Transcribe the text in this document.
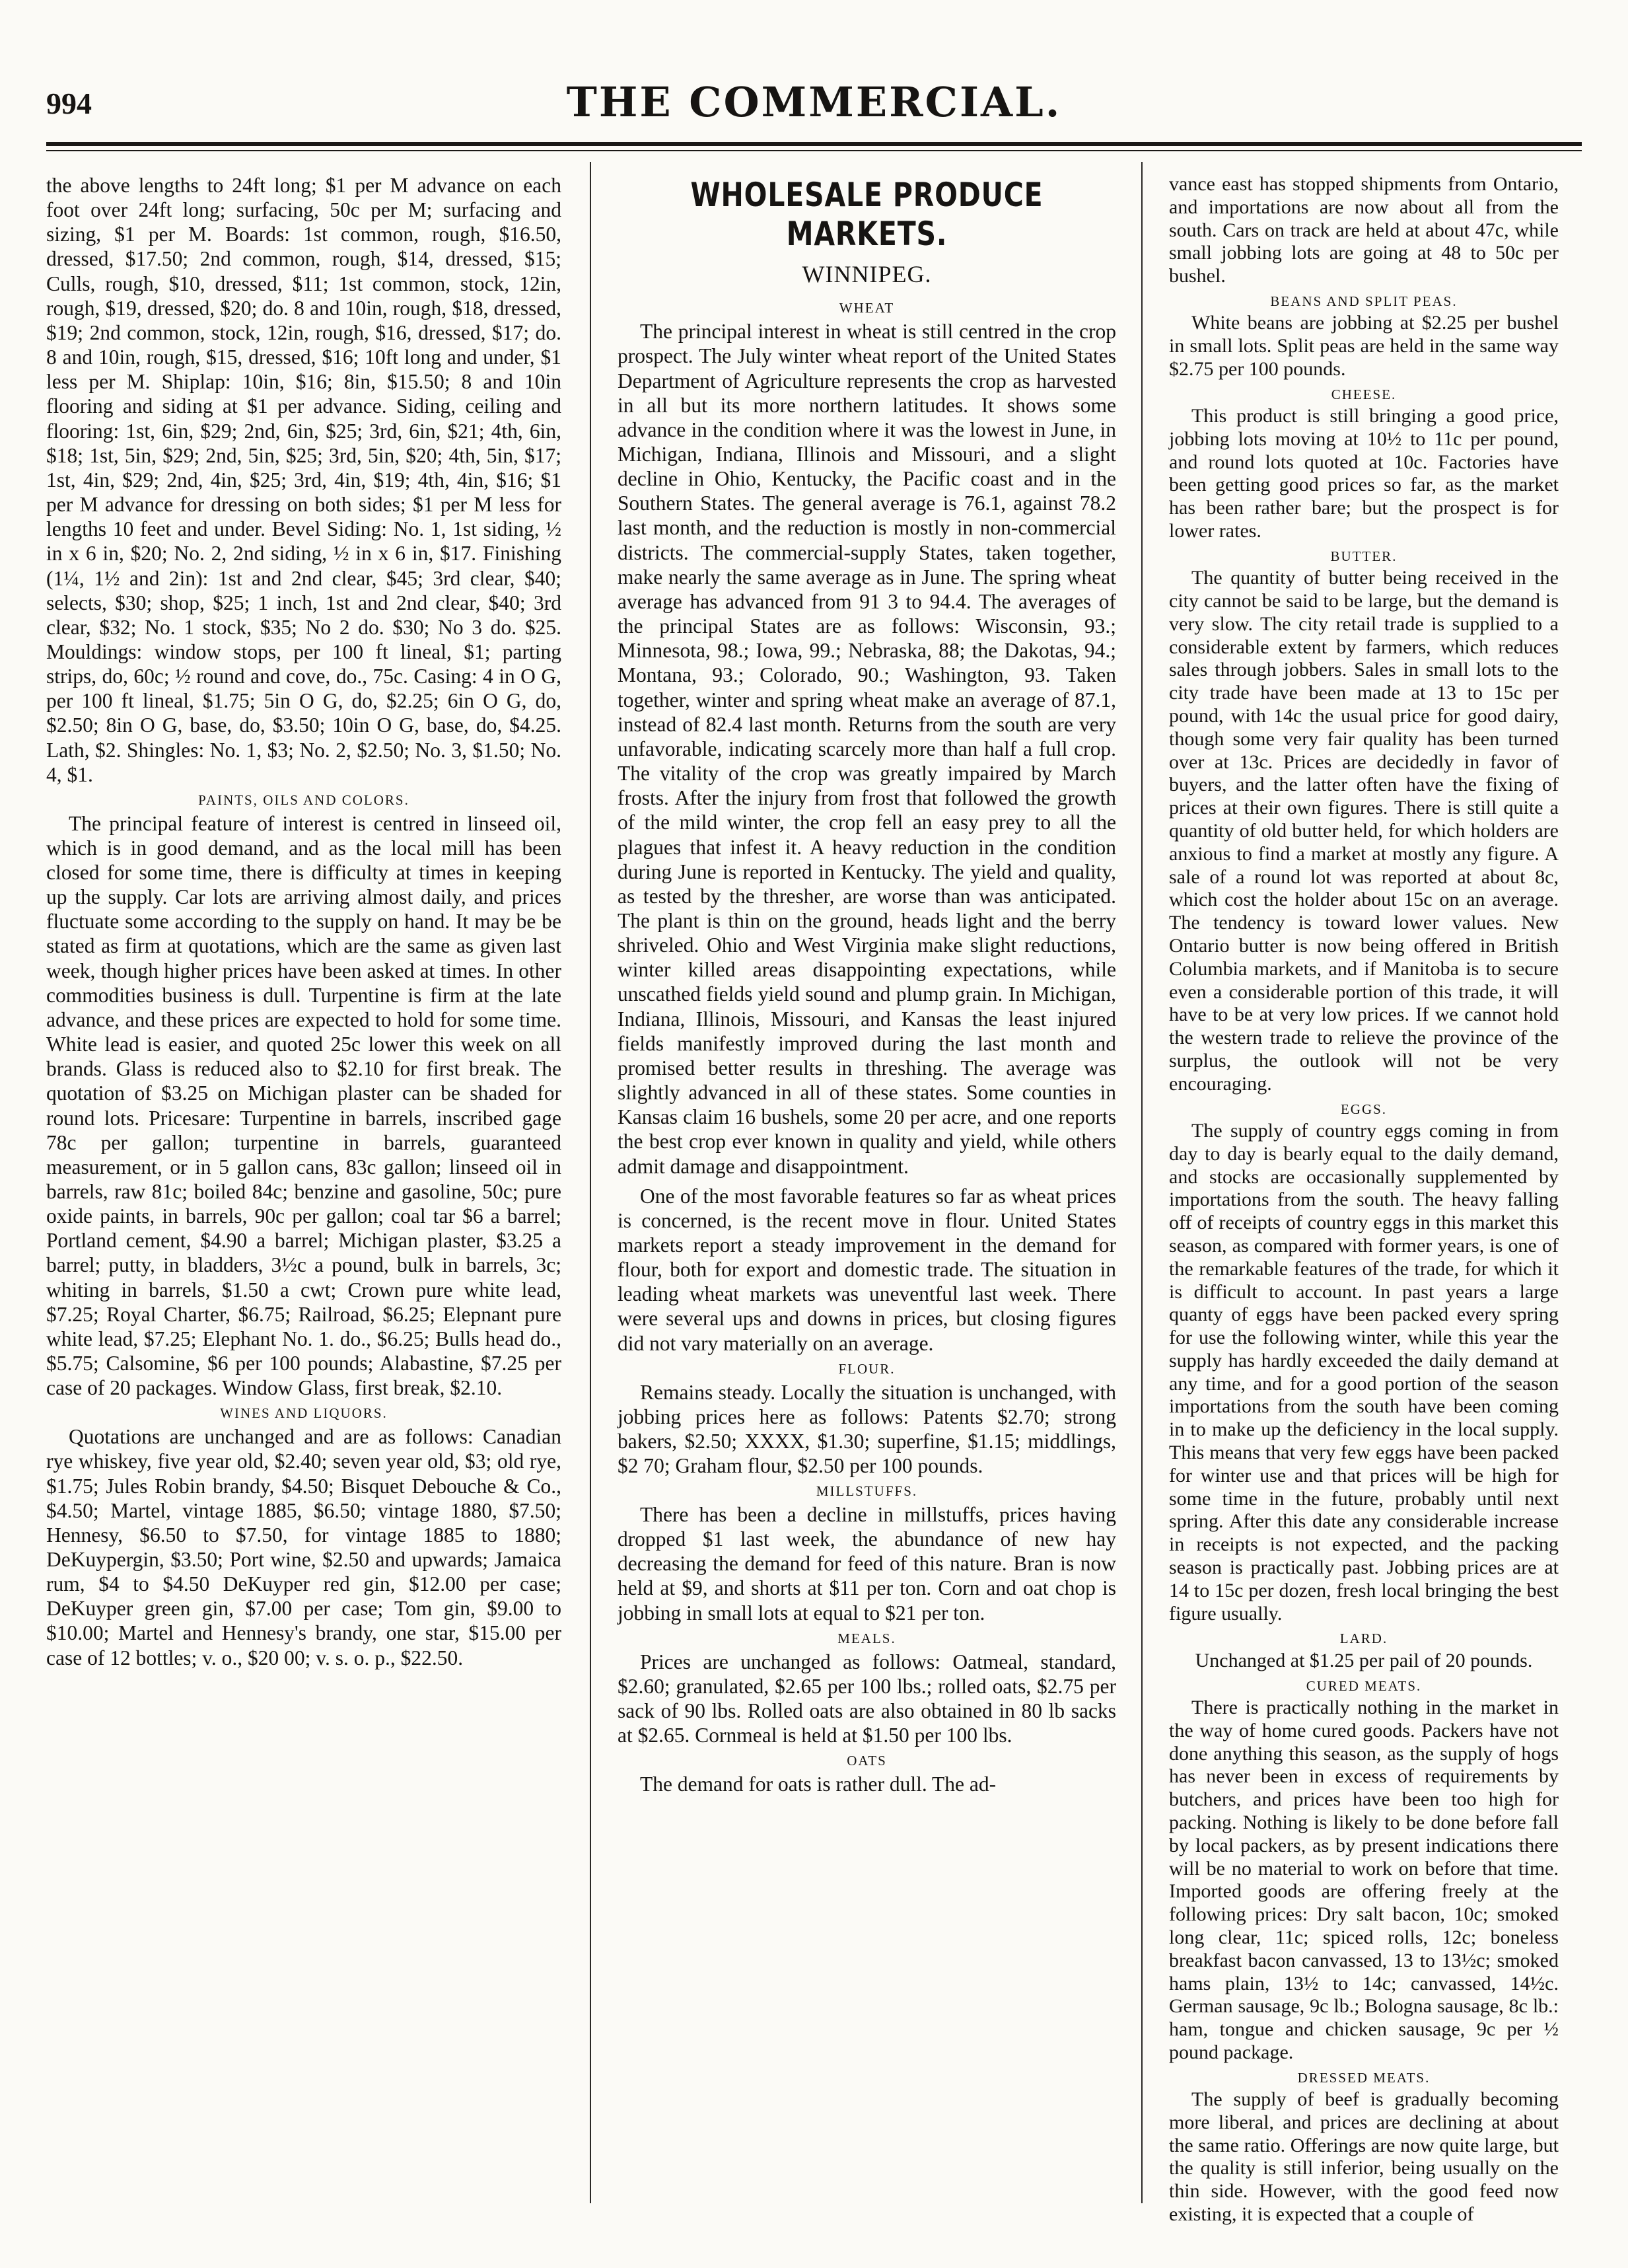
994	THE COMMERCIAL.

the above lengths to 24ft long; $1 per M advance on each foot over 24ft long; surfacing, 50c per M; surfacing and sizing, $1 per M. Boards: 1st common, rough, $16.50, dressed, $17.50; 2nd common, rough, $14, dressed, $15; Culls, rough, $10, dressed, $11; 1st common, stock, 12in, rough, $19, dressed, $20; do. 8 and 10in, rough, $18, dressed, $19; 2nd common, stock, 12in, rough, $16, dressed, $17; do. 8 and 10in, rough, $15, dressed, $16; 10ft long and under, $1 less per M. Shiplap: 10in, $16; 8in, $15.50; 8 and 10in flooring and siding at $1 per advance. Siding, ceiling and flooring: 1st, 6in, $29; 2nd, 6in, $25; 3rd, 6in, $21; 4th, 6in, $18; 1st, 5in, $29; 2nd, 5in, $25; 3rd, 5in, $20; 4th, 5in, $17; 1st, 4in, $29; 2nd, 4in, $25; 3rd, 4in, $19; 4th, 4in, $16; $1 per M advance for dressing on both sides; $1 per M less for lengths 10 feet and under. Bevel Siding: No. 1, 1st siding, ½ in x 6 in, $20; No. 2, 2nd siding, ½ in x 6 in, $17. Finishing (1¼, 1½ and 2in): 1st and 2nd clear, $45; 3rd clear, $40; selects, $30; shop, $25; 1 inch, 1st and 2nd clear, $40; 3rd clear, $32; No. 1 stock, $35; No 2 do. $30; No 3 do. $25. Mouldings: window stops, per 100 ft lineal, $1; parting strips, do, 60c; ½ round and cove, do., 75c. Casing: 4 in O G, per 100 ft lineal, $1.75; 5in O G, do, $2.25; 6in O G, do, $2.50; 8in O G, base, do, $3.50; 10in O G, base, do, $4.25. Lath, $2. Shingles: No. 1, $3; No. 2, $2.50; No. 3, $1.50; No. 4, $1.

PAINTS, OILS AND COLORS.

The principal feature of interest is centred in linseed oil, which is in good demand, and as the local mill has been closed for some time, there is difficulty at times in keeping up the supply. Car lots are arriving almost daily, and prices fluctuate some according to the supply on hand. It may be be stated as firm at quotations, which are the same as given last week, though higher prices have been asked at times. In other commodities business is dull. Turpentine is firm at the late advance, and these prices are expected to hold for some time. White lead is easier, and quoted 25c lower this week on all brands. Glass is reduced also to $2.10 for first break. The quotation of $3.25 on Michigan plaster can be shaded for round lots. Pricesare: Turpentine in barrels, inscribed gage 78c per gallon; turpentine in barrels, guaranteed measurement, or in 5 gallon cans, 83c gallon; linseed oil in barrels, raw 81c; boiled 84c; benzine and gasoline, 50c; pure oxide paints, in barrels, 90c per gallon; coal tar $6 a barrel; Portland cement, $4.90 a barrel; Michigan plaster, $3.25 a barrel; putty, in bladders, 3½c a pound, bulk in barrels, 3c; whiting in barrels, $1.50 a cwt; Crown pure white lead, $7.25; Royal Charter, $6.75; Railroad, $6.25; Elepnant pure white lead, $7.25; Elephant No. 1. do., $6.25; Bulls head do., $5.75; Calsomine, $6 per 100 pounds; Alabastine, $7.25 per case of 20 packages. Window Glass, first break, $2.10.

WINES AND LIQUORS.

Quotations are unchanged and are as follows: Canadian rye whiskey, five year old, $2.40; seven year old, $3; old rye, $1.75; Jules Robin brandy, $4.50; Bisquet Debouche & Co., $4.50; Martel, vintage 1885, $6.50; vintage 1880, $7.50; Hennesy, $6.50 to $7.50, for vintage 1885 to 1880; DeKuypergin, $3.50; Port wine, $2.50 and upwards; Jamaica rum, $4 to $4.50 DeKuyper red gin, $12.00 per case; DeKuyper green gin, $7.00 per case; Tom gin, $9.00 to $10.00; Martel and Hennesy's brandy, one star, $15.00 per case of 12 bottles; v. o., $20 00; v. s. o. p., $22.50.

WHOLESALE PRODUCE MARKETS.
WINNIPEG.
WHEAT

The principal interest in wheat is still centred in the crop prospect. The July winter wheat report of the United States Department of Agriculture represents the crop as harvested in all but its more northern latitudes. It shows some advance in the condition where it was the lowest in June, in Michigan, Indiana, Illinois and Missouri, and a slight decline in Ohio, Kentucky, the Pacific coast and in the Southern States. The general average is 76.1, against 78.2 last month, and the reduction is mostly in non-commercial districts. The commercial-supply States, taken together, make nearly the same average as in June. The spring wheat average has advanced from 91 3 to 94.4. The averages of the principal States are as follows: Wisconsin, 93.; Minnesota, 98.; Iowa, 99.; Nebraska, 88; the Dakotas, 94.; Montana, 93.; Colorado, 90.; Washington, 93. Taken together, winter and spring wheat make an average of 87.1, instead of 82.4 last month. Returns from the south are very unfavorable, indicating scarcely more than half a full crop. The vitality of the crop was greatly impaired by March frosts. After the injury from frost that followed the growth of the mild winter, the crop fell an easy prey to all the plagues that infest it. A heavy reduction in the condition during June is reported in Kentucky. The yield and quality, as tested by the thresher, are worse than was anticipated. The plant is thin on the ground, heads light and the berry shriveled. Ohio and West Virginia make slight reductions, winter killed areas disappointing expectations, while unscathed fields yield sound and plump grain. In Michigan, Indiana, Illinois, Missouri, and Kansas the least injured fields manifestly improved during the last month and promised better results in threshing. The average was slightly advanced in all of these states. Some counties in Kansas claim 16 bushels, some 20 per acre, and one reports the best crop ever known in quality and yield, while others admit damage and disappointment.

One of the most favorable features so far as wheat prices is concerned, is the recent move in flour. United States markets report a steady improvement in the demand for flour, both for export and domestic trade. The situation in leading wheat markets was uneventful last week. There were several ups and downs in prices, but closing figures did not vary materially on an average.

FLOUR.

Remains steady. Locally the situation is unchanged, with jobbing prices here as follows: Patents $2.70; strong bakers, $2.50; XXXX, $1.30; superfine, $1.15; middlings, $2 70; Graham flour, $2.50 per 100 pounds.

MILLSTUFFS.

There has been a decline in millstuffs, prices having dropped $1 last week, the abundance of new hay decreasing the demand for feed of this nature. Bran is now held at $9, and shorts at $11 per ton. Corn and oat chop is jobbing in small lots at equal to $21 per ton.

MEALS.

Prices are unchanged as follows: Oatmeal, standard, $2.60; granulated, $2.65 per 100 lbs.; rolled oats, $2.75 per sack of 90 lbs. Rolled oats are also obtained in 80 lb sacks at $2.65. Cornmeal is held at $1.50 per 100 lbs.

OATS

The demand for oats is rather dull. The ad-

vance east has stopped shipments from Ontario, and importations are now about all from the south. Cars on track are held at about 47c, while small jobbing lots are going at 48 to 50c per bushel.

BEANS AND SPLIT PEAS.

White beans are jobbing at $2.25 per bushel in small lots. Split peas are held in the same way $2.75 per 100 pounds.

CHEESE.

This product is still bringing a good price, jobbing lots moving at 10½ to 11c per pound, and round lots quoted at 10c. Factories have been getting good prices so far, as the market has been rather bare; but the prospect is for lower rates.

BUTTER.

The quantity of butter being received in the city cannot be said to be large, but the demand is very slow. The city retail trade is supplied to a considerable extent by farmers, which reduces sales through jobbers. Sales in small lots to the city trade have been made at 13 to 15c per pound, with 14c the usual price for good dairy, though some very fair quality has been turned over at 13c. Prices are decidedly in favor of buyers, and the latter often have the fixing of prices at their own figures. There is still quite a quantity of old butter held, for which holders are anxious to find a market at mostly any figure. A sale of a round lot was reported at about 8c, which cost the holder about 15c on an average. The tendency is toward lower values. New Ontario butter is now being offered in British Columbia markets, and if Manitoba is to secure even a considerable portion of this trade, it will have to be at very low prices. If we cannot hold the western trade to relieve the province of the surplus, the outlook will not be very encouraging.

EGGS.

The supply of country eggs coming in from day to day is bearly equal to the daily demand, and stocks are occasionally supplemented by importations from the south. The heavy falling off of receipts of country eggs in this market this season, as compared with former years, is one of the remarkable features of the trade, for which it is difficult to account. In past years a large quanty of eggs have been packed every spring for use the following winter, while this year the supply has hardly exceeded the daily demand at any time, and for a good portion of the season importations from the south have been coming in to make up the deficiency in the local supply. This means that very few eggs have been packed for winter use and that prices will be high for some time in the future, probably until next spring. After this date any considerable increase in receipts is not expected, and the packing season is practically past. Jobbing prices are at 14 to 15c per dozen, fresh local bringing the best figure usually.

LARD.

Unchanged at $1.25 per pail of 20 pounds.

CURED MEATS.

There is practically nothing in the market in the way of home cured goods. Packers have not done anything this season, as the supply of hogs has never been in excess of requirements by butchers, and prices have been too high for packing. Nothing is likely to be done before fall by local packers, as by present indications there will be no material to work on before that time. Imported goods are offering freely at the following prices: Dry salt bacon, 10c; smoked long clear, 11c; spiced rolls, 12c; boneless breakfast bacon canvassed, 13 to 13½c; smoked hams plain, 13½ to 14c; canvassed, 14½c. German sausage, 9c lb.; Bologna sausage, 8c lb.: ham, tongue and chicken sausage, 9c per ½ pound package.

DRESSED MEATS.

The supply of beef is gradually becoming more liberal, and prices are declining at about the same ratio. Offerings are now quite large, but the quality is still inferior, being usually on the thin side. However, with the good feed now existing, it is expected that a couple of
